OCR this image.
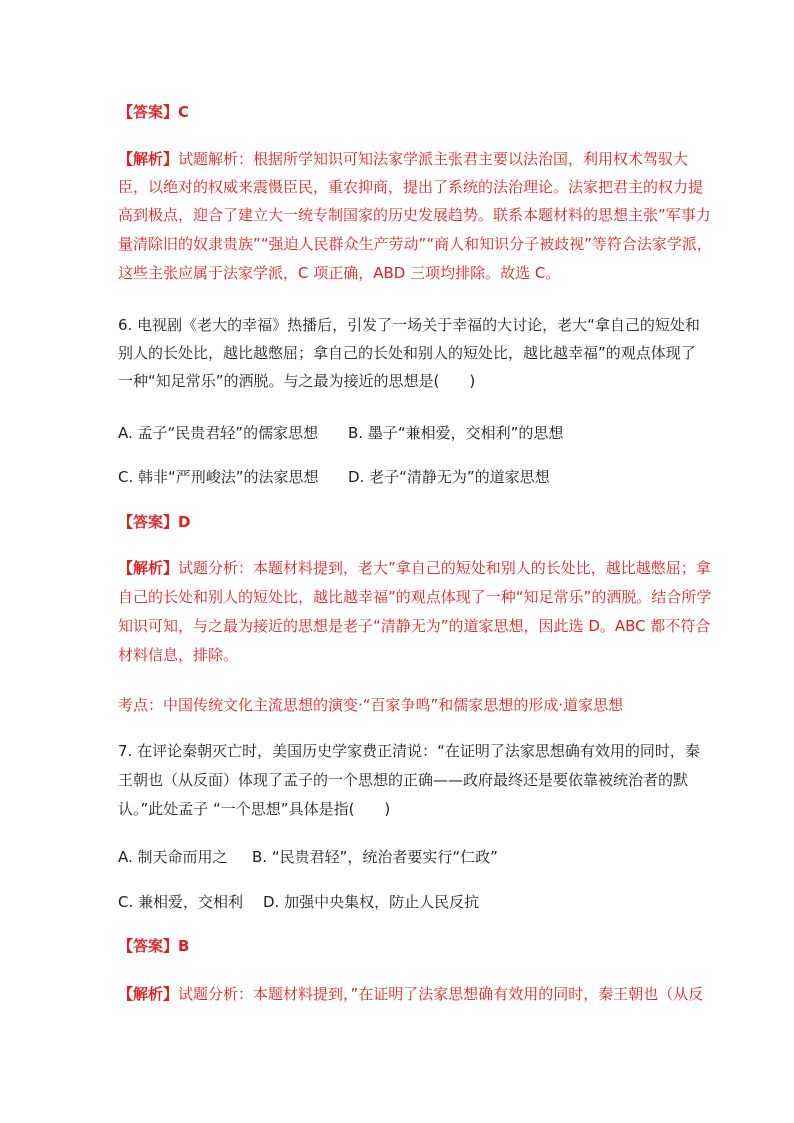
【答案】C
【解析】试题解析：根据所学知识可知法家学派主张君主要以法治国，利用权术驾驭大
臣，以绝对的权威来震慑臣民，重农抑商，提出了系统的法治理论。法家把君主的权力提
高到极点，迎合了建立大一统专制国家的历史发展趋势。联系本题材料的思想主张”军事力
量清除旧的奴隶贵族”“强迫人民群众生产劳动”“商人和知识分子被歧视”等符合法家学派，
这些主张应属于法家学派，C 项正确，ABD 三项均排除。故选 C。
6. 电视剧《老大的幸福》热播后，引发了一场关于幸福的大讨论，老大“拿自己的短处和
别人的长处比，越比越憋屈；拿自己的长处和别人的短处比，越比越幸福”的观点体现了
一种“知足常乐”的洒脱。与之最为接近的思想是(　　)
A. 孟子“民贵君轻”的儒家思想 B. 墨子“兼相爱，交相利”的思想
C. 韩非“严刑峻法”的法家思想 D. 老子“清静无为”的道家思想
【答案】D
【解析】试题分析：本题材料提到，老大”拿自己的短处和别人的长处比，越比越憋屈；拿
自己的长处和别人的短处比，越比越幸福”的观点体现了一种“知足常乐”的洒脱。结合所学
知识可知，与之最为接近的思想是老子“清静无为”的道家思想，因此选 D。ABC 都不符合
材料信息，排除。
考点：中国传统文化主流思想的演变·“百家争鸣”和儒家思想的形成·道家思想
7. 在评论秦朝灭亡时，美国历史学家费正清说：“在证明了法家思想确有效用的同时，秦
王朝也（从反面）体现了孟子的一个思想的正确——政府最终还是要依靠被统治者的默
认。”此处孟子 “一个思想”具体是指(　　)
A. 制天命而用之 B. “民贵君轻”，统治者要实行“仁政”
C. 兼相爱，交相利 D. 加强中央集权，防止人民反抗
【答案】B
【解析】试题分析：本题材料提到，”在证明了法家思想确有效用的同时，秦王朝也（从反
